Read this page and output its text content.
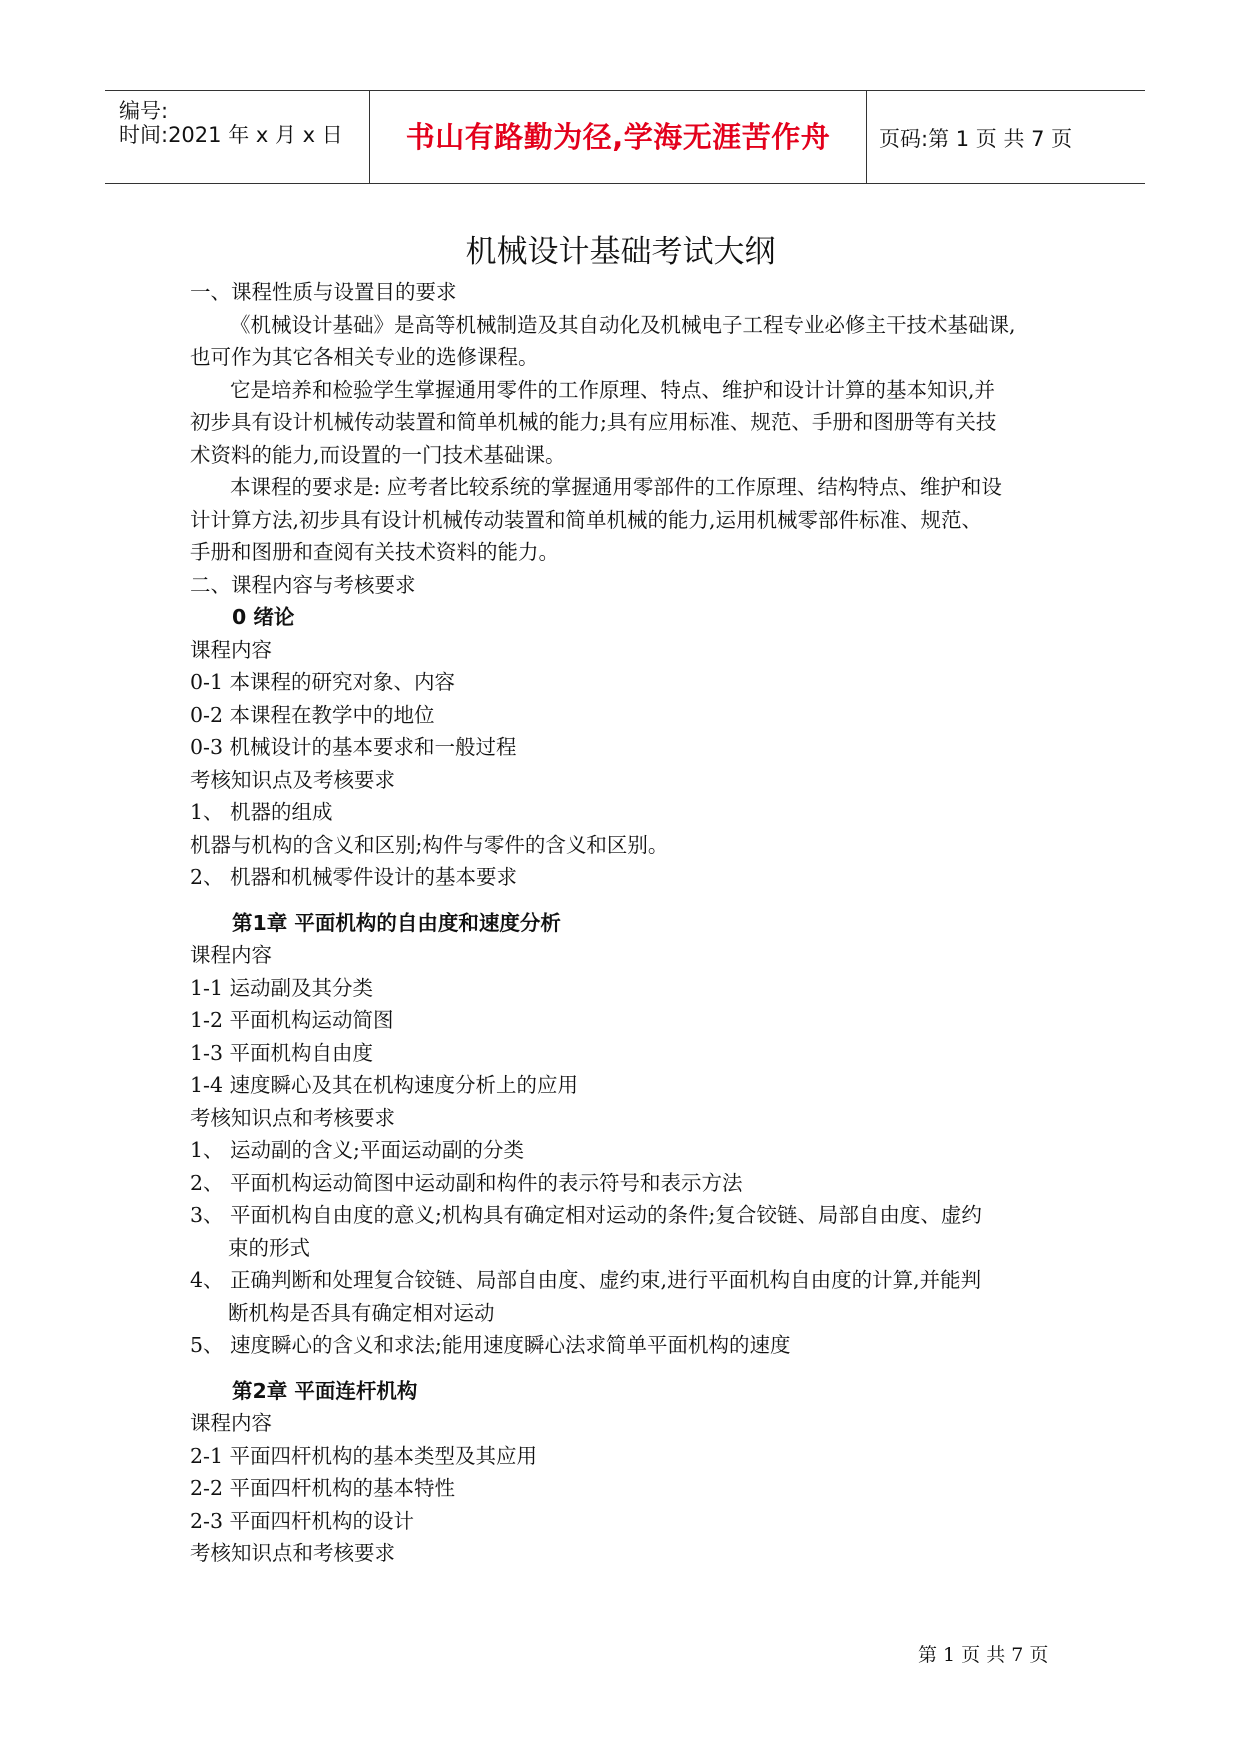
编号:
时间:2021 年 x 月 x 日	书山有路勤为径,学海无涯苦作舟	页码:第 1 页 共 7 页
机械设计基础考试大纲
一、课程性质与设置目的要求
《机械设计基础》是高等机械制造及其自动化及机械电子工程专业必修主干技术基础课,
也可作为其它各相关专业的选修课程。
它是培养和检验学生掌握通用零件的工作原理、特点、维护和设计计算的基本知识,并
初步具有设计机械传动装置和简单机械的能力;具有应用标准、规范、手册和图册等有关技
术资料的能力,而设置的一门技术基础课。
本课程的要求是: 应考者比较系统的掌握通用零部件的工作原理、结构特点、维护和设
计计算方法,初步具有设计机械传动装置和简单机械的能力,运用机械零部件标准、规范、
手册和图册和查阅有关技术资料的能力。
二、课程内容与考核要求
0 绪论
课程内容
0-1 本课程的研究对象、内容
0-2 本课程在教学中的地位
0-3 机械设计的基本要求和一般过程
考核知识点及考核要求
1、 机器的组成
机器与机构的含义和区别;构件与零件的含义和区别。
2、 机器和机械零件设计的基本要求
第1章 平面机构的自由度和速度分析
课程内容
1-1 运动副及其分类
1-2 平面机构运动简图
1-3 平面机构自由度
1-4 速度瞬心及其在机构速度分析上的应用
考核知识点和考核要求
1、 运动副的含义;平面运动副的分类
2、 平面机构运动简图中运动副和构件的表示符号和表示方法
3、 平面机构自由度的意义;机构具有确定相对运动的条件;复合铰链、局部自由度、虚约
束的形式
4、 正确判断和处理复合铰链、局部自由度、虚约束,进行平面机构自由度的计算,并能判
断机构是否具有确定相对运动
5、 速度瞬心的含义和求法;能用速度瞬心法求简单平面机构的速度
第2章 平面连杆机构
课程内容
2-1 平面四杆机构的基本类型及其应用
2-2 平面四杆机构的基本特性
2-3 平面四杆机构的设计
考核知识点和考核要求
第 1 页 共 7 页
